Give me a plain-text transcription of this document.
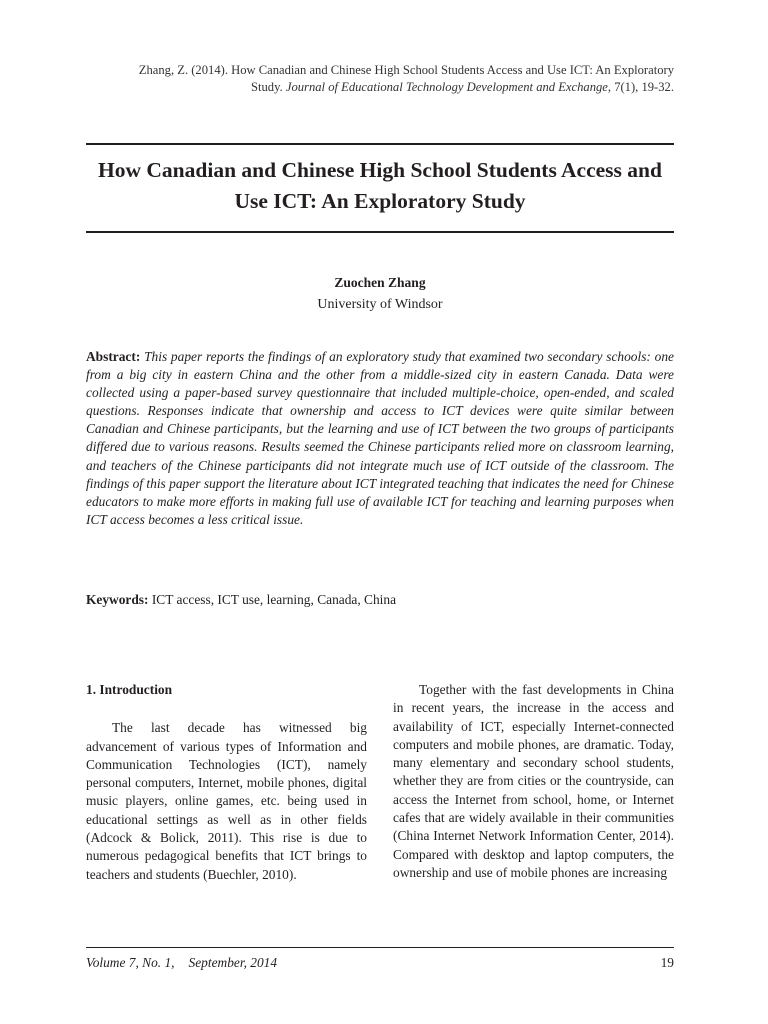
Zhang, Z. (2014). How Canadian and Chinese High School Students Access and Use ICT: An Exploratory
Study. Journal of Educational Technology Development and Exchange, 7(1), 19-32.
How Canadian and Chinese High School Students Access and Use ICT: An Exploratory Study
Zuochen Zhang
University of Windsor

Abstract: This paper reports the findings of an exploratory study that examined two secondary schools: one from a big city in eastern China and the other from a middle-sized city in eastern Canada. Data were collected using a paper-based survey questionnaire that included multiple-choice, open-ended, and scaled questions. Responses indicate that ownership and access to ICT devices were quite similar between Canadian and Chinese participants, but the learning and use of ICT between the two groups of participants differed due to various reasons. Results seemed the Chinese participants relied more on classroom learning, and teachers of the Chinese participants did not integrate much use of ICT outside of the classroom. The findings of this paper support the literature about ICT integrated teaching that indicates the need for Chinese educators to make more efforts in making full use of available ICT for teaching and learning purposes when ICT access becomes a less critical issue.

Keywords: ICT access, ICT use, learning, Canada, China
1. Introduction

The last decade has witnessed big advancement of various types of Information and Communication Technologies (ICT), namely personal computers, Internet, mobile phones, digital music players, online games, etc. being used in educational settings as well as in other fields (Adcock & Bolick, 2011). This rise is due to numerous pedagogical benefits that ICT brings to teachers and students (Buechler, 2010).

Together with the fast developments in China in recent years, the increase in the access and availability of ICT, especially Internet-connected computers and mobile phones, are dramatic. Today, many elementary and secondary school students, whether they are from cities or the countryside, can access the Internet from school, home, or Internet cafes that are widely available in their communities (China Internet Network Information Center, 2014). Compared with desktop and laptop computers, the ownership and use of mobile phones are increasing

Volume 7, No. 1, September, 2014	19
